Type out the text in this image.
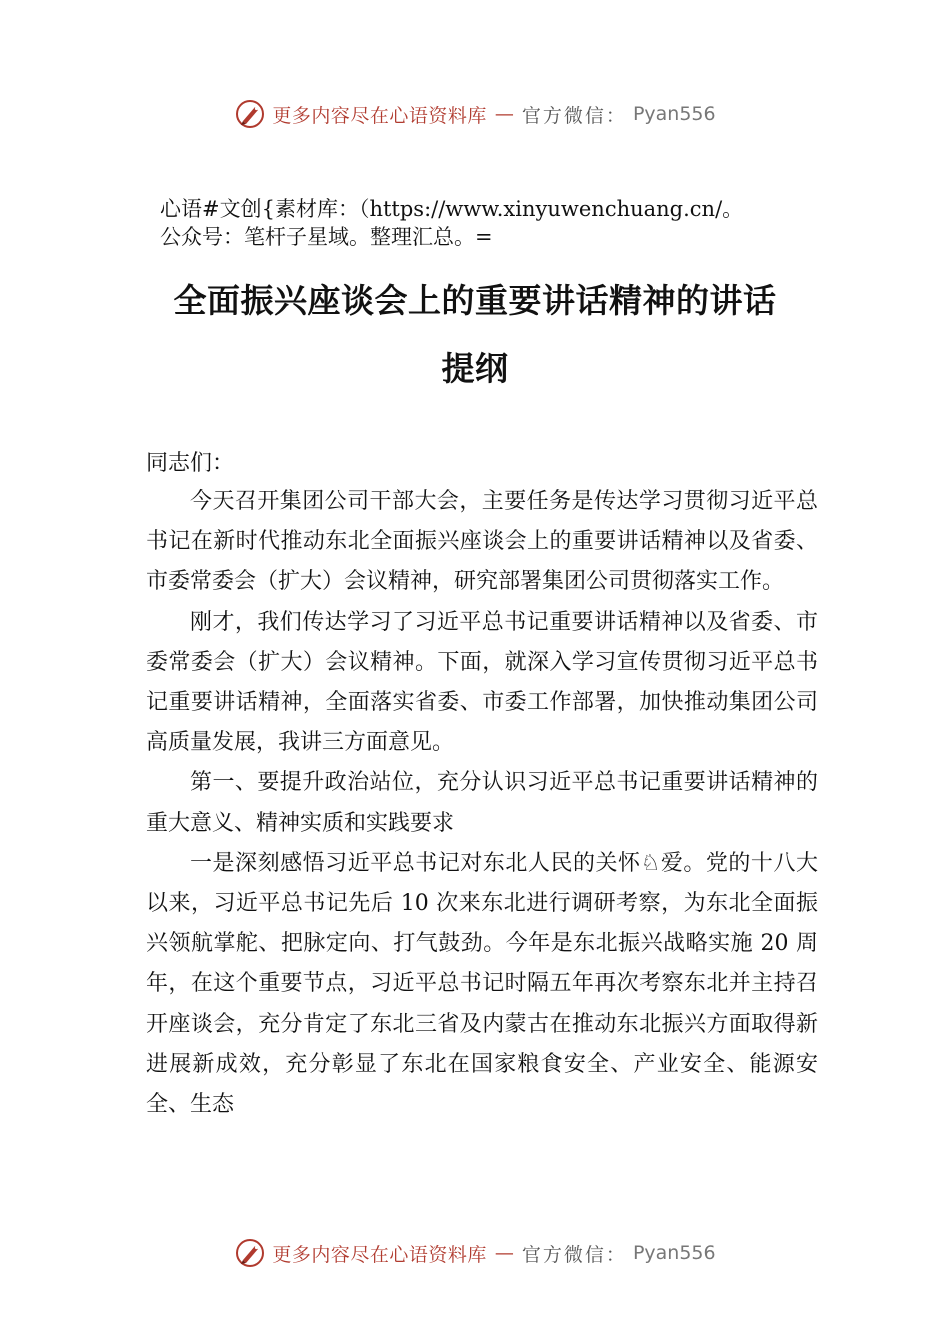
更多内容尽在心语资料库 — 官方微信： Pyan556
心语#文创{素材库：（https://www.xinyuwenchuang.cn/。
公众号：笔杆子星域。整理汇总。=
全面振兴座谈会上的重要讲话精神的讲话
提纲
同志们：

今天召开集团公司干部大会，主要任务是传达学习贯彻习近平总书记在新时代推动东北全面振兴座谈会上的重要讲话精神以及省委、市委常委会（扩大）会议精神，研究部署集团公司贯彻落实工作。

刚才，我们传达学习了习近平总书记重要讲话精神以及省委、市委常委会（扩大）会议精神。下面，就深入学习宣传贯彻习近平总书记重要讲话精神，全面落实省委、市委工作部署，加快推动集团公司高质量发展，我讲三方面意见。

第一、要提升政治站位，充分认识习近平总书记重要讲话精神的重大意义、精神实质和实践要求

一是深刻感悟习近平总书记对东北人民的关怀♘爱。党的十八大以来，习近平总书记先后 10 次来东北进行调研考察，为东北全面振兴领航掌舵、把脉定向、打气鼓劲。今年是东北振兴战略实施 20 周年，在这个重要节点，习近平总书记时隔五年再次考察东北并主持召开座谈会，充分肯定了东北三省及内蒙古在推动东北振兴方面取得新进展新成效，充分彰显了东北在国家粮食安全、产业安全、能源安全、生态

更多内容尽在心语资料库 — 官方微信： Pyan556
